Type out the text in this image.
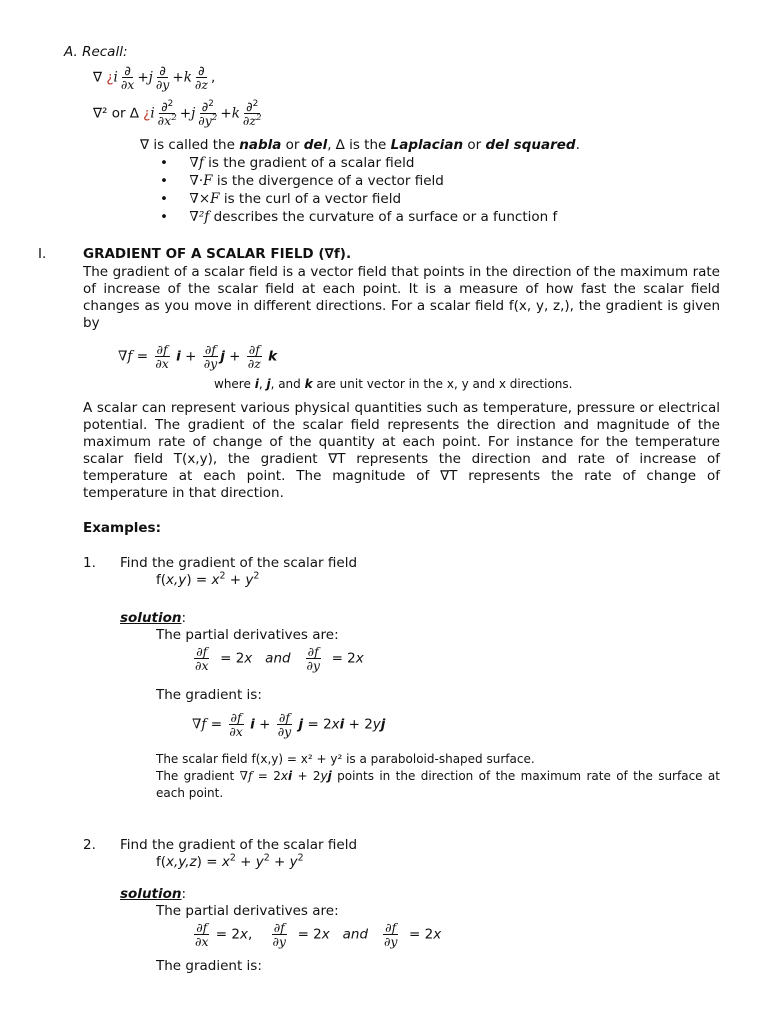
A. Recall:
∇ ¿$i \frac{\partial}{\partial x} +j \frac{\partial}{\partial y} +k \frac{\partial}{\partial z}$ ,
∇² or ∆ ¿$i \frac{\partial^2}{\partial x^2} +j \frac{\partial^2}{\partial y^2} +k \frac{\partial^2}{\partial z^2}$
∇ is called the nabla or del, ∆ is the Laplacian or del squared.
•     ∇f is the gradient of a scalar field
•     ∇·F is the divergence of a vector field
•     ∇×F is the curl of a vector field
•     ∇²f describes the curvature of a surface or a function f
I.	GRADIENT OF A SCALAR FIELD (∇f).
The gradient of a scalar field is a vector field that points in the direction of the maximum rate of increase of the scalar field at each point. It is a measure of how fast the scalar field changes as you move in different directions. For a scalar field f(x, y, z,), the gradient is given by
$\nabla f = \frac{\partial f}{\partial x}$ $i + \frac{\partial f}{\partial y}$ $j + \frac{\partial f}{\partial z}$ k
where i, j, and k are unit vector in the x, y and x directions.
A scalar can represent various physical quantities such as temperature, pressure or electrical potential. The gradient of the scalar field represents the direction and magnitude of the maximum rate of change of the quantity at each point. For instance for the temperature scalar field T(x,y), the gradient ∇T represents the direction and rate of increase of temperature at each point. The magnitude of ∇T represents the rate of change of temperature in that direction.
Examples:
1. Find the gradient of the scalar field
$f(x,y) = x^2 + y^2$
solution:
The partial derivatives are:
$\frac{\partial f}{\partial x} = 2x$ and $\frac{\partial f}{\partial y} = 2x$
The gradient is:
$\nabla f = \frac{\partial f}{\partial x}$ $i + \frac{\partial f}{\partial y}$ j = 2xi + 2yj
The scalar field f(x,y) = x² + y² is a paraboloid-shaped surface.
The gradient ∇f = 2xi + 2yj points in the direction of the maximum rate of the surface at each point.
2. Find the gradient of the scalar field
$f(x,y,z) = x^2 + y^2 + y^2$
solution:
The partial derivatives are:
$\frac{\partial f}{\partial x} = 2x$, $\frac{\partial f}{\partial y} = 2x$ and $\frac{\partial f}{\partial y} = 2x$
The gradient is:
